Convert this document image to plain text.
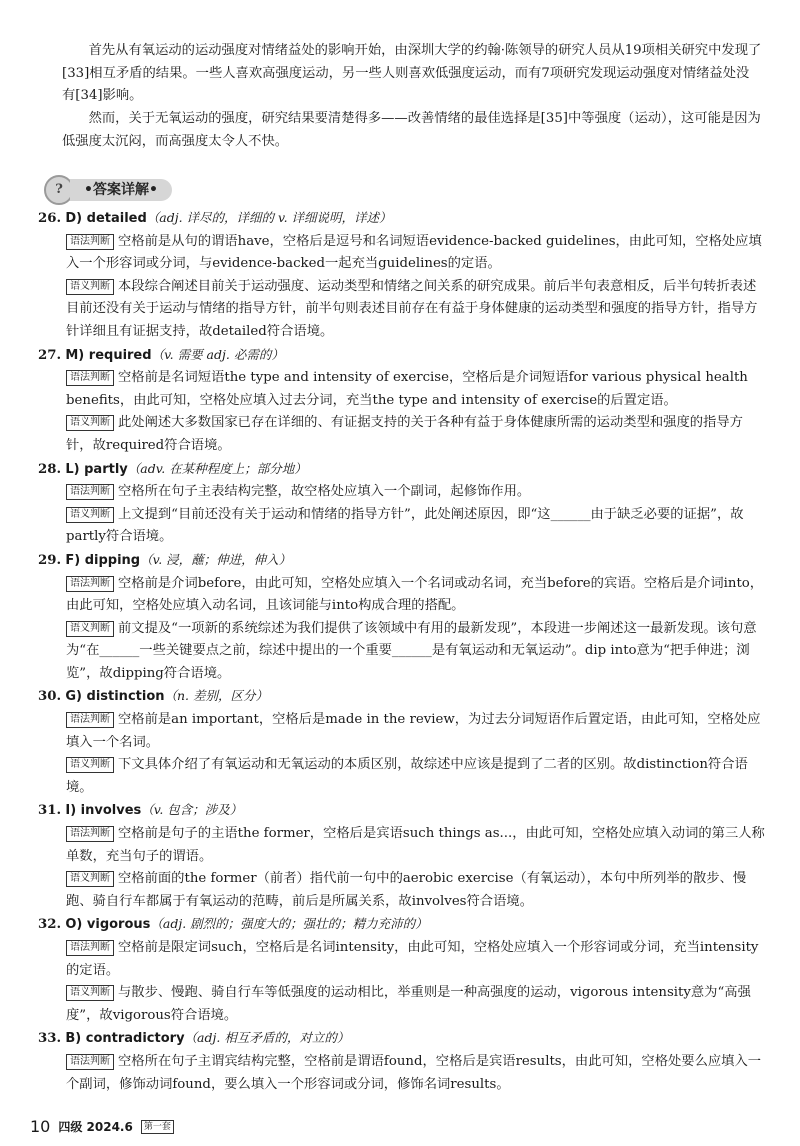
首先从有氧运动的运动强度对情绪益处的影响开始，由深圳大学的约翰·陈领导的研究人员从19项相关研究中发现了[33]相互矛盾的结果。一些人喜欢高强度运动，另一些人则喜欢低强度运动，而有7项研究发现运动强度对情绪益处没有[34]影响。

然而，关于无氧运动的强度，研究结果要清楚得多——改善情绪的最佳选择是[35]中等强度（运动），这可能是因为低强度太沉闷，而高强度太令人不快。

?	•答案详解•
26. D) detailed（adj. 详尽的，详细的 v. 详细说明，详述）

语法判断 空格前是从句的谓语have，空格后是逗号和名词短语evidence-backed guidelines，由此可知，空格处应填入一个形容词或分词，与evidence-backed一起充当guidelines的定语。

语义判断 本段综合阐述目前关于运动强度、运动类型和情绪之间关系的研究成果。前后半句表意相反，后半句转折表述目前还没有关于运动与情绪的指导方针，前半句则表述目前存在有益于身体健康的运动类型和强度的指导方针，指导方针详细且有证据支持，故detailed符合语境。

27. M) required（v. 需要 adj. 必需的）

语法判断 空格前是名词短语the type and intensity of exercise，空格后是介词短语for various physical health benefits，由此可知，空格处应填入过去分词，充当the type and intensity of exercise的后置定语。

语义判断 此处阐述大多数国家已存在详细的、有证据支持的关于各种有益于身体健康所需的运动类型和强度的指导方针，故required符合语境。

28. L) partly（adv. 在某种程度上；部分地）

语法判断 空格所在句子主表结构完整，故空格处应填入一个副词，起修饰作用。

语义判断 上文提到“目前还没有关于运动和情绪的指导方针”，此处阐述原因，即“这______由于缺乏必要的证据”，故partly符合语境。

29. F) dipping（v. 浸，蘸；伸进，伸入）

语法判断 空格前是介词before，由此可知，空格处应填入一个名词或动名词，充当before的宾语。空格后是介词into，由此可知，空格处应填入动名词，且该词能与into构成合理的搭配。

语义判断 前文提及“一项新的系统综述为我们提供了该领域中有用的最新发现”，本段进一步阐述这一最新发现。该句意为“在______一些关键要点之前，综述中提出的一个重要______是有氧运动和无氧运动”。dip into意为“把手伸进；浏览”，故dipping符合语境。

30. G) distinction（n. 差别，区分）

语法判断 空格前是an important，空格后是made in the review，为过去分词短语作后置定语，由此可知，空格处应填入一个名词。

语义判断 下文具体介绍了有氧运动和无氧运动的本质区别，故综述中应该是提到了二者的区别。故distinction符合语境。

31. I) involves（v. 包含；涉及）

语法判断 空格前是句子的主语the former，空格后是宾语such things as...，由此可知，空格处应填入动词的第三人称单数，充当句子的谓语。

语义判断 空格前面的the former（前者）指代前一句中的aerobic exercise（有氧运动），本句中所列举的散步、慢跑、骑自行车都属于有氧运动的范畴，前后是所属关系，故involves符合语境。

32. O) vigorous（adj. 剧烈的；强度大的；强壮的；精力充沛的）

语法判断 空格前是限定词such，空格后是名词intensity，由此可知，空格处应填入一个形容词或分词，充当intensity的定语。

语义判断 与散步、慢跑、骑自行车等低强度的运动相比，举重则是一种高强度的运动，vigorous intensity意为“高强度”，故vigorous符合语境。

33. B) contradictory（adj. 相互矛盾的，对立的）

语法判断 空格所在句子主谓宾结构完整，空格前是谓语found，空格后是宾语results，由此可知，空格处要么应填入一个副词，修饰动词found，要么填入一个形容词或分词，修饰名词results。

10 四级 2024.6	第一套
